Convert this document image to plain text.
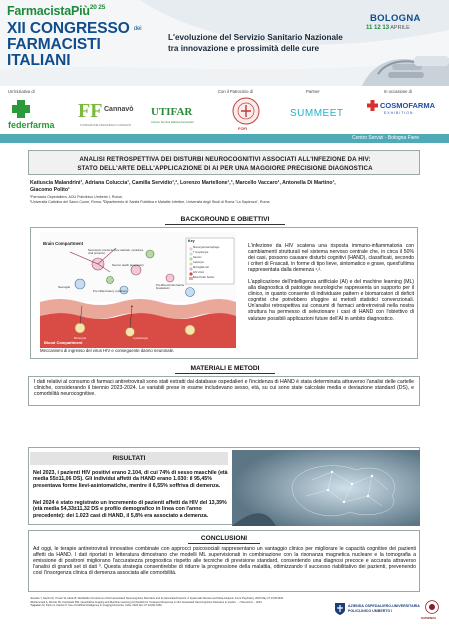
FarmacistaPiù$^{20 25}$
XII CONGRESSO dei
FARMACISTI
ITALIANI
L'evoluzione del Servizio Sanitario Nazionale
tra innovazione e prossimità delle cure
BOLOGNA
11 12 13 APRILE
Un'iniziativa di	Con il Patrocinio di	Partner	In occasione di
federfarma
FF Cannavò
FONDAZIONE FRANCESCO CANNAVÒ
UTIFAR
Unione Tecnica Italiana Farmacisti
FOFI
SUMMEET
COSMOFARMA
E X H I B I T I O N
Centro Servizi - Bologna Fiere
ANALISI RETROSPETTIVA DEI DISTURBI NEUROCOGNITIVI ASSOCIATI ALL'INFEZIONE DA HIV:
STATO DELL'ARTE DELL'APPLICAZIONE DI AI PER UNA MAGGIORE PRECISIONE DIAGNOSTICA
Katiuscia Malandrini¹, Adriana Coluccia¹, Camilla Servidio¹,², Lorenzo Martellone¹,³, Marcello Vaccaro¹, Antonella Di Martino¹,
Giacomo Polito¹
¹Farmacia Ospedaliera, AOU Policlinico Umberto I, Roma;
²Università Cattolica del Sacro Cuore, Roma. ³Dipartimento di Sanità Pubblica e Malattie Infettive, Università degli Studi di Roma "La Sapienza", Roma
BACKGROUND E OBIETTIVI
Brain Compartment	Key
Monocyte/macrophage
T lymphocyte
Neuron
Astrocyte
Microglial cell
HIV virion
Blood brain barrier
Neurotoxic products (free radicals, cytokines, viral proteins)
Neuron death (apoptosis)
Neuroglia
Pro-inflammatory cytokines
Pro-Blood-brain barrier breakdown
Monocyte	Lymphocyte
Blood Compartment
Meccanismi di ingresso del virus HIV e conseguente danno neuronale.

L'infezione da HIV scatena una risposta immuno-infiammatoria con cambiamenti strutturali nel sistema nervoso centrale che, in circa il 50% dei casi, possono causare disturbi cognitivi (HAND), classificati, secondo i criteri di Frascati, in forme di tipo lieve, sintomatico e grave, quest'ultima rappresentata dalla demenza ¹,².

L'applicazione dell'intelligenza artificiale (AI) e del machine learning (ML) alla diagnostica di patologie neurologiche rappresenta un supporto per il clinico, in quanto consente di individuare pattern e biomarcatori di deficit cognitivi che potrebbero sfuggire ai metodi statistici convenzionali. Un'analisi retrospettiva sui consumi di farmaci antiretrovirali nella nostra struttura ha permesso di selezionare i casi di HAND con l'obiettivo di valutare possibili applicazioni future dell'AI in ambito diagnostico.

MATERIALI E METODI
I dati relativi al consumo di farmaci antiretrovirali sono stati estratti dai database ospedalieri e l'incidenza di HAND è stata determinata attraverso l'analisi delle cartelle cliniche, considerando il biennio 2023-2024. Le variabili prese in esame includevano sesso, età, su cui sono state calcolate media e deviazione standard (DS), e comorbilità neurocognitive.
RISULTATI
Nel 2023, i pazienti HIV positivi erano 2.104, di cui 74% di sesso maschile (età media 55±11,06 DS). Gli individui affetti da HAND erano 1.030: il 95,45% presentava forme lievi-asintomatiche, mentre il 6,55% soffriva di demenza.
Nel 2024 è stato registrato un incremento di pazienti affetti da HIV del 13,39% (età media 54,33±11,32 DS e profilo demografico in linea con l'anno precedente): dei 1.023 casi di HAND, il 5,8% era associato a demenza.
CONCLUSIONI
Ad oggi, le terapie antiretrovirali innovative combinate con approcci psicosociali rappresentano un vantaggio clinico per migliorare le capacità cognitive dei pazienti affetti da HAND. I dati riportati in letteratura dimostrano che modelli ML supervisionati in combinazione con la risonanza magnetica nucleare e la tomografia a emissione di positroni migliorano l'accuratezza prognostica rispetto alle tecniche di previsione standard, consentendo una diagnosi precoce e accurata attraverso l'analisi di grandi set di dati ³. Questa strategia consentirebbe di ridurre la progressione della malattia, ottimizzando il successo riabilitativo dei pazienti, prevenendo così l'insorgenza clinica di demenza associata alle comorbilità.
¹Zenebe Y, Necho M, Yimam W, Akele B. Worldwide Occurrence of HIV-Associated Neurocognitive Disorders and Its Associated Factors: A Systematic Review and Meta-Analysis. Front Psychiatry. 2022 May 27;13:814362
²Mohammadi A, Wonde SF, Kordowski RW, Quantitative Imaging and Machine Learning (AI) Models for Treatment Response in HIV Associated Neurocognitive Disorders to predict..., J Neuroimm... 2024
³Sajjadian M, Karim A, Fattore P, Use of Artificial Intelligence in Imaging Dementia. Cells. 2024 Nov 27;13(23):1960	AZIENDA OSPEDALIERO-UNIVERSITARIA
POLICLINICO UMBERTO I
SAPIENZA
